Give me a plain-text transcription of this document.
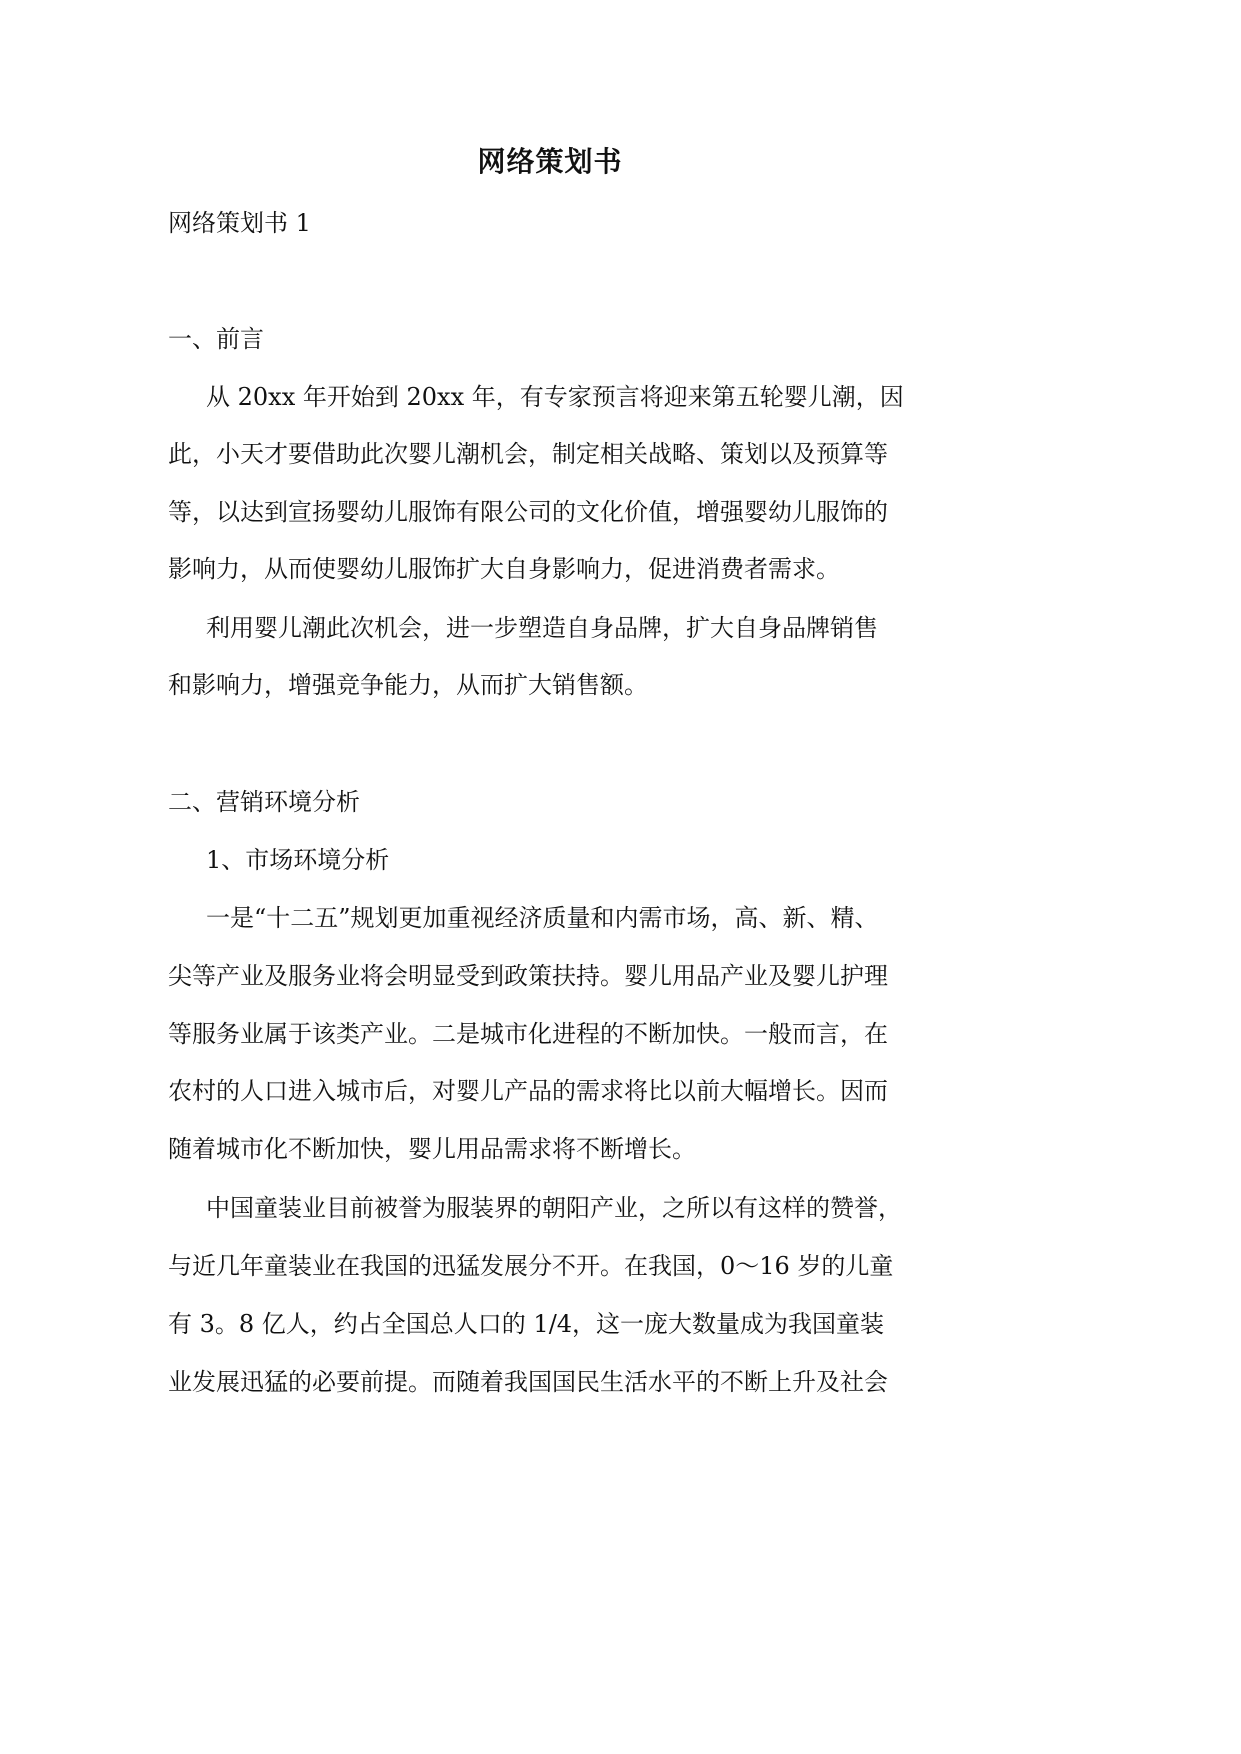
网络策划书
网络策划书 1
一、前言
从 20xx 年开始到 20xx 年，有专家预言将迎来第五轮婴儿潮，因
此，小天才要借助此次婴儿潮机会，制定相关战略、策划以及预算等
等，以达到宣扬婴幼儿服饰有限公司的文化价值，增强婴幼儿服饰的
影响力，从而使婴幼儿服饰扩大自身影响力，促进消费者需求。
利用婴儿潮此次机会，进一步塑造自身品牌，扩大自身品牌销售
和影响力，增强竞争能力，从而扩大销售额。
二、营销环境分析
1、市场环境分析
一是“十二五”规划更加重视经济质量和内需市场，高、新、精、
尖等产业及服务业将会明显受到政策扶持。婴儿用品产业及婴儿护理
等服务业属于该类产业。二是城市化进程的不断加快。一般而言，在
农村的人口进入城市后，对婴儿产品的需求将比以前大幅增长。因而
随着城市化不断加快，婴儿用品需求将不断增长。
中国童装业目前被誉为服装界的朝阳产业，之所以有这样的赞誉，
与近几年童装业在我国的迅猛发展分不开。在我国，0～16 岁的儿童
有 3。8 亿人，约占全国总人口的 1/4，这一庞大数量成为我国童装
业发展迅猛的必要前提。而随着我国国民生活水平的不断上升及社会
